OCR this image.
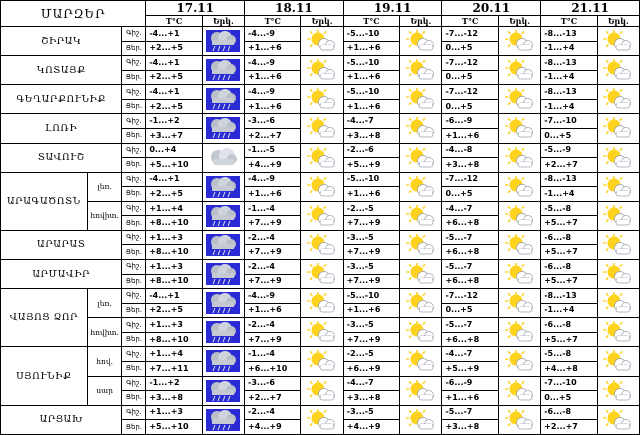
ՄԱՐԶԵՐ			17.11		18.11		19.11		20.11		21.11	
			T°C	Երկ.	T°C	Երկ.	T°C	Երկ.	T°C	Երկ.	T°C	Երկ.
ՇԻՐԱԿ		Գիշ.	-4...+1		-4...-9		-5...-10		-7...-12		-8...-13	

		Ցեր.	+2...+5		+1...+6		+1...+6		0...+5		-1...+4	
ԿՈՏԱՅՔ		Գիշ.	-4...+1		-4...-9		-5...-10		-7...-12		-8...-13	

		Ցեր.	+2...+5		+1...+6		+1...+6		0...+5		-1...+4	
ԳԵՂԱՐՔՈՒՆԻՔ		Գիշ.	-4...+1		-4...-9		-5...-10		-7...-12		-8...-13	

		Ցեր.	+2...+5		+1...+6		+1...+6		0...+5		-1...+4	
ԼՈՌԻ		Գիշ.	-1...+2		-3...-6		-4...-7		-6...-9		-7...-10	

		Ցեր.	+3...+7		+2...+7		+3...+8		+1...+6		0...+5	
ՏԱՎՈՒՇ		Գիշ.	0...+4		-1...-5		-2...-6		-4...-8		-5...-9	

		Ցեր.	+5...+10		+4...+9		+5...+9		+3...+8		+2...+7	
ԱՐԱԳԱԾՈՏՆ	լեռ.	Գիշ.	-4...+1		-4...-9		-5...-10		-7...-12		-8...-13	

		Ցեր.	+2...+5		+1...+6		+1...+6		0...+5		-1...+4	
	հովիտ.	Գիշ.	+1...+4		-1...-4		-2...-5		-4...-7		-5...-8	

		Ցեր.	+8...+10		+7...+9		+7...+9		+6...+8		+5...+7	
ԱՐԱՐԱՏ		Գիշ.	+1...+3		-2...-4		-3...-5		-5...-7		-6...-8	

		Ցեր.	+8...+10		+7...+9		+7...+9		+6...+8		+5...+7	
ԱՐՄԱՎԻՐ		Գիշ.	+1...+3		-2...-4		-3...-5		-5...-7		-6...-8	

		Ցեր.	+8...+10		+7...+9		+7...+9		+6...+8		+5...+7	
ՎԱՅՈՑ ՁՈՐ	լեռ.	Գիշ.	-4...+1		-4...-9		-5...-10		-7...-12		-8...-13	

		Ցեր.	+2...+5		+1...+6		+1...+6		0...+5		-1...+4	
	հովիտ.	Գիշ.	+1...+3		-2...-4		-3...-5		-5...-7		-6...-8	

		Ցեր.	+8...+10		+7...+9		+7...+9		+6...+8		+5...+7	
ՍՅՈՒՆԻՔ	հով.	Գիշ.	+1...+4		-1...-4		-2...-5		-4...-7		-5...-8	

		Ցեր.	+7...+11		+6...+10		+6...+9		+5...+9		+4...+8	
	սար	Գիշ.	-1...+2		-3...-6		-4...-7		-6...-9		-7...-10	

		Ցեր.	+3...+8		+2...+7		+3...+8		+1...+6		0...+5	
ԱՐՑԱԽ		Գիշ.	+1...+3		-2...-4		-3...-5		-5...-7		-6...-8	

		Ցեր.	+5...+10		+4...+9		+4...+9		+3...+8		+2...+7	
